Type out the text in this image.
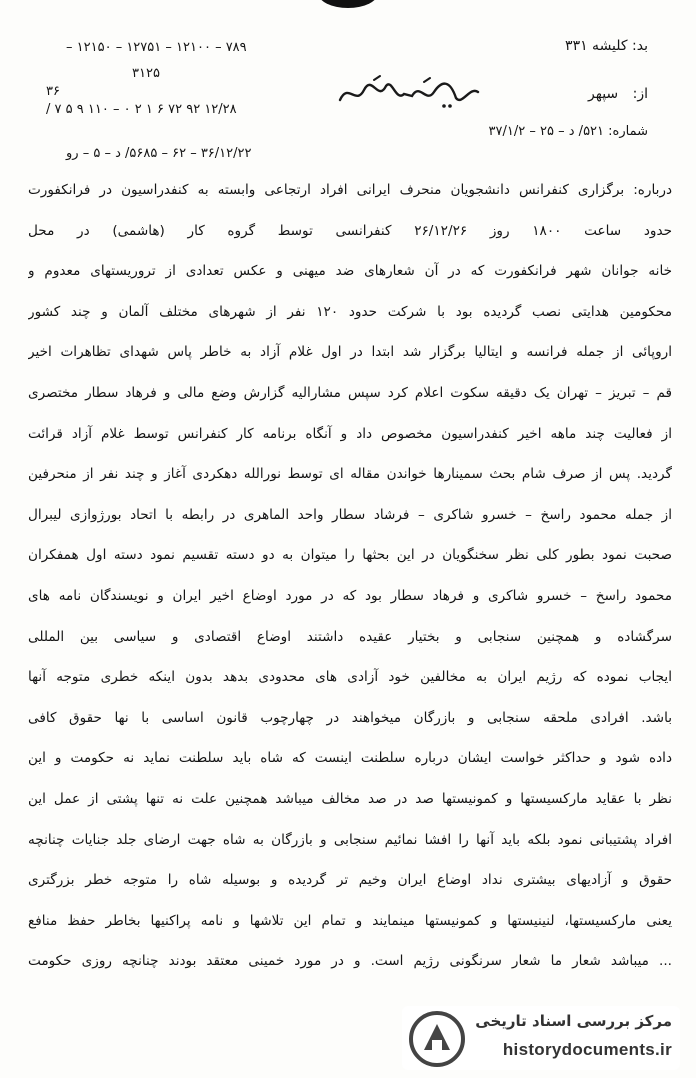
بد: کلیشه ۳۳۱
از: سپهر
شماره: ۵۲۱/ د – ۲۵ – ۳۷/۱/۲
۷۸۹ – ۱۲۱۰۰ – ۱۲۷۵۱ – ۱۲۱۵۰ –
۳۱۲۵
۳۶
۱۲/۲۸ ۹۲ ۷۲ ۶ ۱ ۲ ۰ – ۱۱۰ ۹ ۵ ۷ /
۳۶/۱۲/۲۲ – ۶۲ – ۵۶۸۵/ د – ۵ – رو
درباره: برگزاری کنفرانس دانشجویان منحرف ایرانی افراد ارتجاعی وابسته به کنفدراسیون در فرانکفورت
حدود ساعت ۱۸۰۰ روز ۲۶/۱۲/۲۶ کنفرانسی توسط گروه کار (هاشمی) در محل
خانه جوانان شهر فرانکفورت که در آن شعارهای ضد میهنی و عکس تعدادی از تروریستهای معدوم و
محکومین هدایتی نصب گردیده بود با شرکت حدود ۱۲۰ نفر از شهرهای مختلف آلمان و چند کشور
اروپائی از جمله فرانسه و ایتالیا برگزار شد ابتدا در اول غلام آزاد به خاطر پاس شهدای تظاهرات اخیر
قم – تبریز – تهران یک دقیقه سکوت اعلام کرد سپس مشارالیه گزارش وضع مالی و فرهاد سطار مختصری
از فعالیت چند ماهه اخیر کنفدراسیون مخصوص داد و آنگاه برنامه کار کنفرانس توسط غلام آزاد قرائت
گردید. پس از صرف شام بحث سمینارها خواندن مقاله ای توسط نورالله دهکردی آغاز و چند نفر از منحرفین
از جمله محمود راسخ – خسرو شاکری – فرشاد سطار واحد الماهری در رابطه با اتحاد بورژوازی لیبرال
صحبت نمود بطور کلی نظر سخنگویان در این بحثها را میتوان به دو دسته تقسیم نمود دسته اول همفکران
محمود راسخ – خسرو شاکری و فرهاد سطار بود که در مورد اوضاع اخیر ایران و نویسندگان نامه های
سرگشاده و همچنین سنجابی و بختیار عقیده داشتند اوضاع اقتصادی و سیاسی بین المللی
ایجاب نموده که رژیم ایران به مخالفین خود آزادی های محدودی بدهد بدون اینکه خطری متوجه آنها
باشد. افرادی ملحقه سنجابی و بازرگان میخواهند در چهارچوب قانون اساسی با نها حقوق کافی
داده شود و حداکثر خواست ایشان درباره سلطنت اینست که شاه باید سلطنت نماید نه حکومت و این
نظر با عقاید مارکسیستها و کمونیستها صد در صد مخالف میباشد همچنین علت نه تنها پشتی از عمل این
افراد پشتیبانی نمود بلکه باید آنها را افشا نمائیم سنجابی و بازرگان به شاه جهت ارضای جلد جنایات چنانچه
حقوق و آزادیهای بیشتری نداد اوضاع ایران وخیم تر گردیده و بوسیله شاه را متوجه خطر بزرگتری
یعنی مارکسیستها، لنینیستها و کمونیستها مینمایند و تمام این تلاشها و نامه پراکنیها بخاطر حفظ منافع
... میباشد شعار ما شعار سرنگونی رژیم است. و در مورد خمینی معتقد بودند چنانچه روزی حکومت
مرکز بررسی اسناد تاریخی
historydocuments.ir
